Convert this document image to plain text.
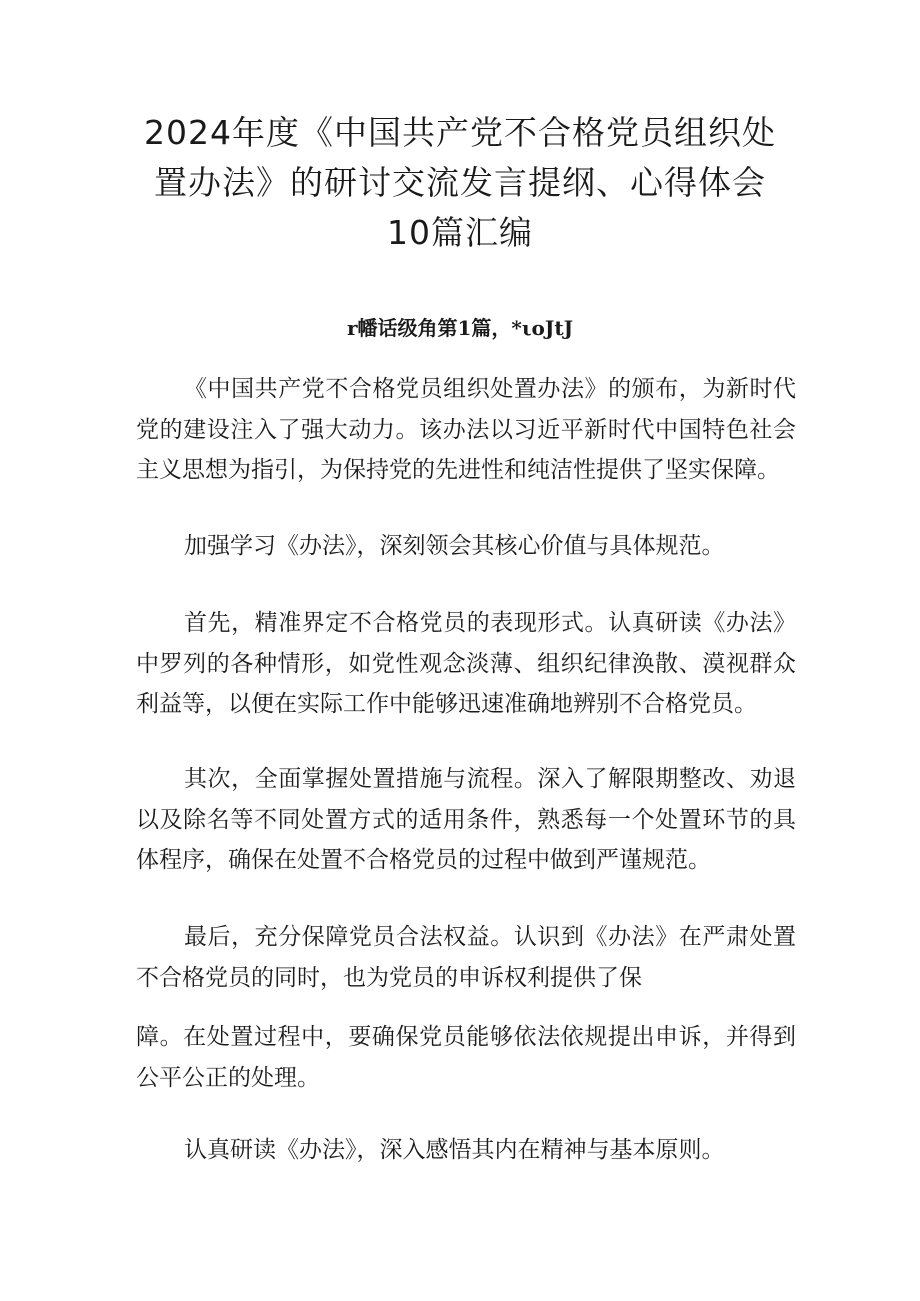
2024年度《中国共产党不合格党员组织处
置办法》的研讨交流发言提纲、心得体会
10篇汇编

r幡话级角第1篇，*ιoJtJ

《中国共产党不合格党员组织处置办法》的颁布，为新时代党的建设注入了强大动力。该办法以习近平新时代中国特色社会主义思想为指引，为保持党的先进性和纯洁性提供了坚实保障。

加强学习《办法》，深刻领会其核心价值与具体规范。

首先，精准界定不合格党员的表现形式。认真研读《办法》中罗列的各种情形，如党性观念淡薄、组织纪律涣散、漠视群众利益等，以便在实际工作中能够迅速准确地辨别不合格党员。

其次，全面掌握处置措施与流程。深入了解限期整改、劝退以及除名等不同处置方式的适用条件，熟悉每一个处置环节的具体程序，确保在处置不合格党员的过程中做到严谨规范。

最后，充分保障党员合法权益。认识到《办法》在严肃处置不合格党员的同时，也为党员的申诉权利提供了保

障。在处置过程中，要确保党员能够依法依规提出申诉，并得到公平公正的处理。

认真研读《办法》，深入感悟其内在精神与基本原则。
